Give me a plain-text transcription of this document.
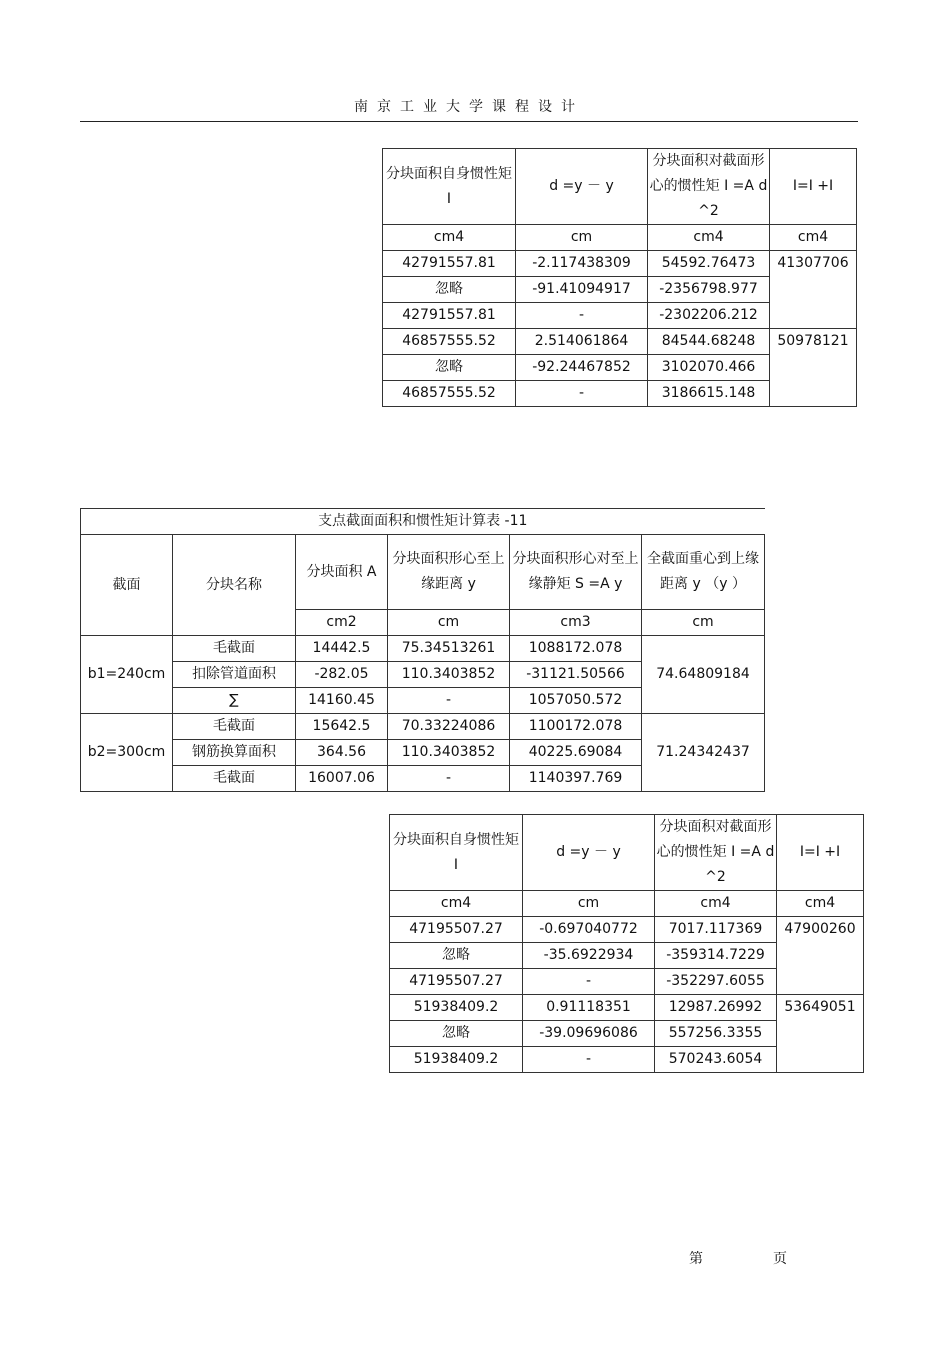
南京工业大学课程设计
分块面积自身惯性矩 I	d =y － y	分块面积对截面形心的惯性矩 I =A d ^2	I=I +I
cm4	cm	cm4	cm4
42791557.81	-2.117438309	54592.76473	41307706
忽略	-91.41094917	-2356798.977	
42791557.81	-	-2302206.212	
46857555.52	2.514061864	84544.68248	50978121
忽略	-92.24467852	3102070.466	
46857555.52	-	3186615.148	
支点截面面积和惯性矩计算表 -11					
截面	分块名称	分块面积 A	分块面积形心至上缘距离 y	分块面积形心对至上缘静矩 S =A y	全截面重心到上缘距离 y （y ）
		cm2	cm	cm3	cm
b1=240cm	毛截面	14442.5	75.34513261	1088172.078	74.64809184
	扣除管道面积	-282.05	110.3403852	-31121.50566	
	∑	14160.45	-	1057050.572	
b2=300cm	毛截面	15642.5	70.33224086	1100172.078	71.24342437
	钢筋换算面积	364.56	110.3403852	40225.69084	
	毛截面	16007.06	-	1140397.769	
分块面积自身惯性矩 I	d =y － y	分块面积对截面形心的惯性矩 I =A d ^2	I=I +I
cm4	cm	cm4	cm4
47195507.27	-0.697040772	7017.117369	47900260
忽略	-35.6922934	-359314.7229	
47195507.27	-	-352297.6055	
51938409.2	0.91118351	12987.26992	53649051
忽略	-39.09696086	557256.3355	
51938409.2	-	570243.6054	
第	页
